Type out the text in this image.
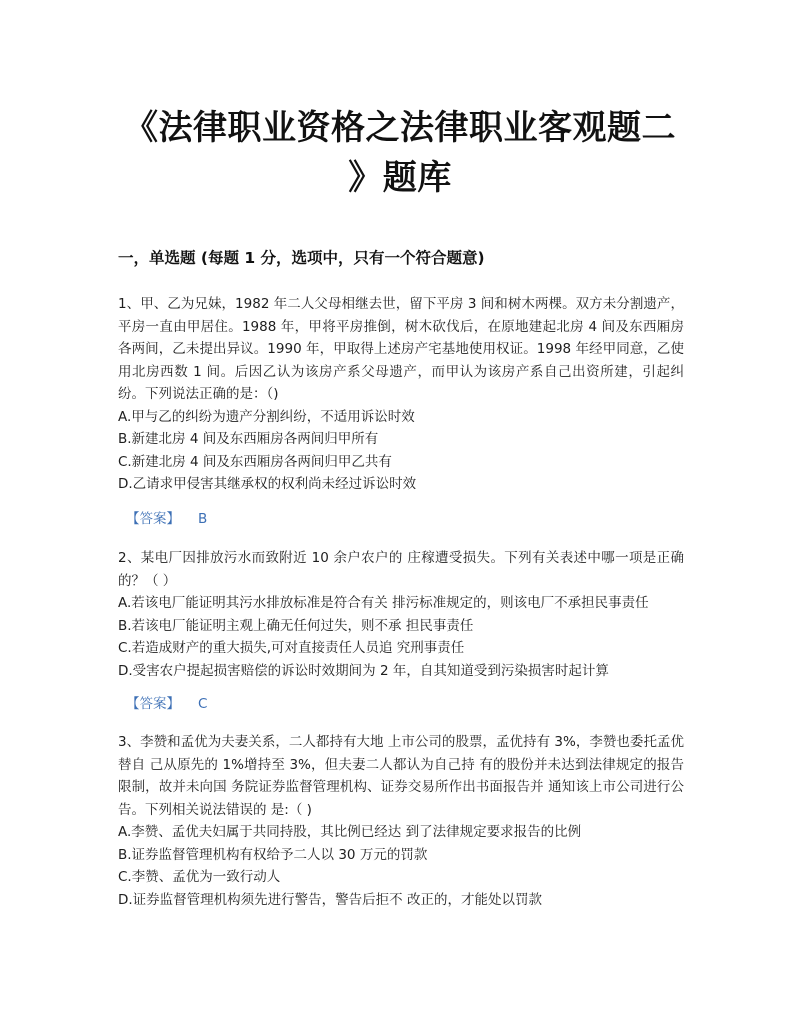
《法律职业资格之法律职业客观题二
》题库
一，单选题 (每题 1 分，选项中，只有一个符合题意)

1、甲、乙为兄妹，1982 年二人父母相继去世，留下平房 3 间和树木两棵。双方未分割遗产，平房一直由甲居住。1988 年，甲将平房推倒，树木砍伐后，在原地建起北房 4 间及东西厢房各两间，乙未提出异议。1990 年，甲取得上述房产宅基地使用权证。1998 年经甲同意，乙使用北房西数 1 间。后因乙认为该房产系父母遗产，而甲认为该房产系自己出资所建，引起纠纷。下列说法正确的是：（)

A.甲与乙的纠纷为遗产分割纠纷，不适用诉讼时效

B.新建北房 4 间及东西厢房各两间归甲所有

C.新建北房 4 间及东西厢房各两间归甲乙共有

D.乙请求甲侵害其继承权的权利尚未经过诉讼时效

【答案】 B

2、某电厂因排放污水而致附近 10 余户农户的 庄稼遭受损失。下列有关表述中哪一项是正确 的？（ ）

A.若该电厂能证明其污水排放标准是符合有关 排污标准规定的，则该电厂不承担民事责任

B.若该电厂能证明主观上确无任何过失，则不承 担民事责任

C.若造成财产的重大损失,可对直接责任人员追 究刑事责任

D.受害农户提起损害赔偿的诉讼时效期间为 2 年，自其知道受到污染损害时起计算

【答案】 C

3、李赞和孟优为夫妻关系，二人都持有大地 上市公司的股票，孟优持有 3%，李赞也委托孟优替自 己从原先的 1%增持至 3%，但夫妻二人都认为自己持 有的股份并未达到法律规定的报告限制，故并未向国 务院证券监督管理机构、证券交易所作出书面报告并 通知该上市公司进行公告。下列相关说法错误的 是:（ )

A.李赞、孟优夫妇属于共同持股，其比例已经达 到了法律规定要求报告的比例

B.证券监督管理机构有权给予二人以 30 万元的罚款

C.李赞、孟优为一致行动人

D.证券监督管理机构须先进行警告，警告后拒不 改正的，才能处以罚款
